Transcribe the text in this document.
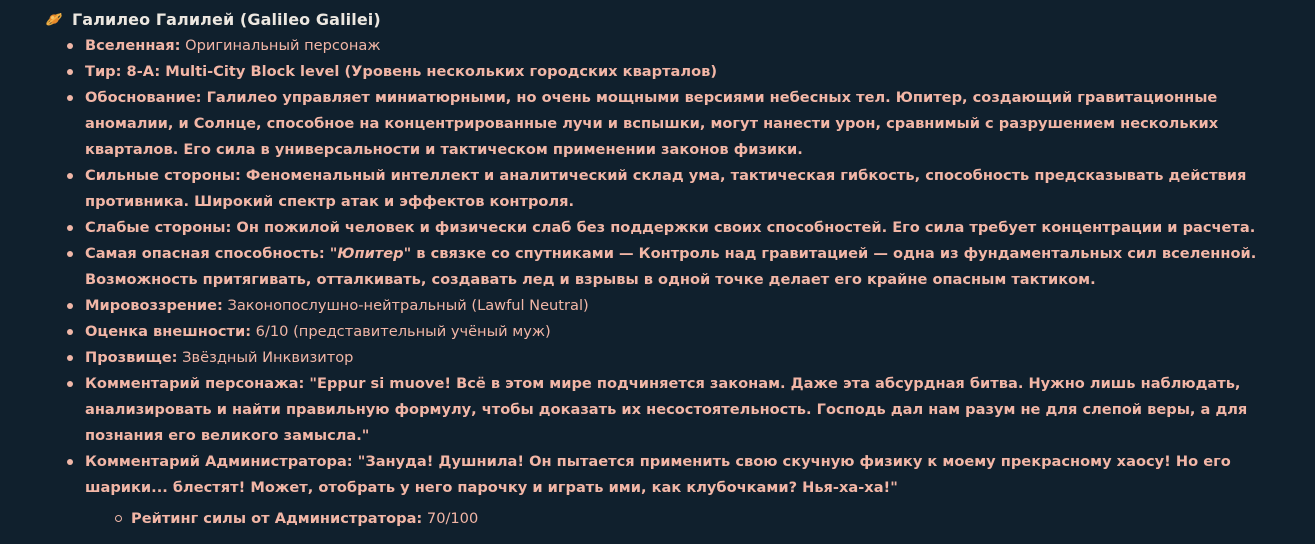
Галилео Галилей (Galileo Galilei)
Вселенная: Оригинальный персонаж
Тир: 8-A: Multi-City Block level (Уровень нескольких городских кварталов)
Обоснование: Галилео управляет миниатюрными, но очень мощными версиями небесных тел. Юпитер, создающий гравитационные аномалии, и Солнце, способное на концентрированные лучи и вспышки, могут нанести урон, сравнимый с разрушением нескольких кварталов. Его сила в универсальности и тактическом применении законов физики.
Сильные стороны: Феноменальный интеллект и аналитический склад ума, тактическая гибкость, способность предсказывать действия противника. Широкий спектр атак и эффектов контроля.
Слабые стороны: Он пожилой человек и физически слаб без поддержки своих способностей. Его сила требует концентрации и расчета.
Самая опасная способность: "Юпитер" в связке со спутниками — Контроль над гравитацией — одна из фундаментальных сил вселенной. Возможность притягивать, отталкивать, создавать лед и взрывы в одной точке делает его крайне опасным тактиком.
Мировоззрение: Законопослушно-нейтральный (Lawful Neutral)
Оценка внешности: 6/10 (представительный учёный муж)
Прозвище: Звёздный Инквизитор
Комментарий персонажа: "Eppur si muove! Всё в этом мире подчиняется законам. Даже эта абсурдная битва. Нужно лишь наблюдать, анализировать и найти правильную формулу, чтобы доказать их несостоятельность. Господь дал нам разум не для слепой веры, а для познания его великого замысла."
Комментарий Администратора: "Зануда! Душнила! Он пытается применить свою скучную физику к моему прекрасному хаосу! Но его шарики... блестят! Может, отобрать у него парочку и играть ими, как клубочками? Нья-ха-ха!"
Рейтинг силы от Администратора: 70/100
